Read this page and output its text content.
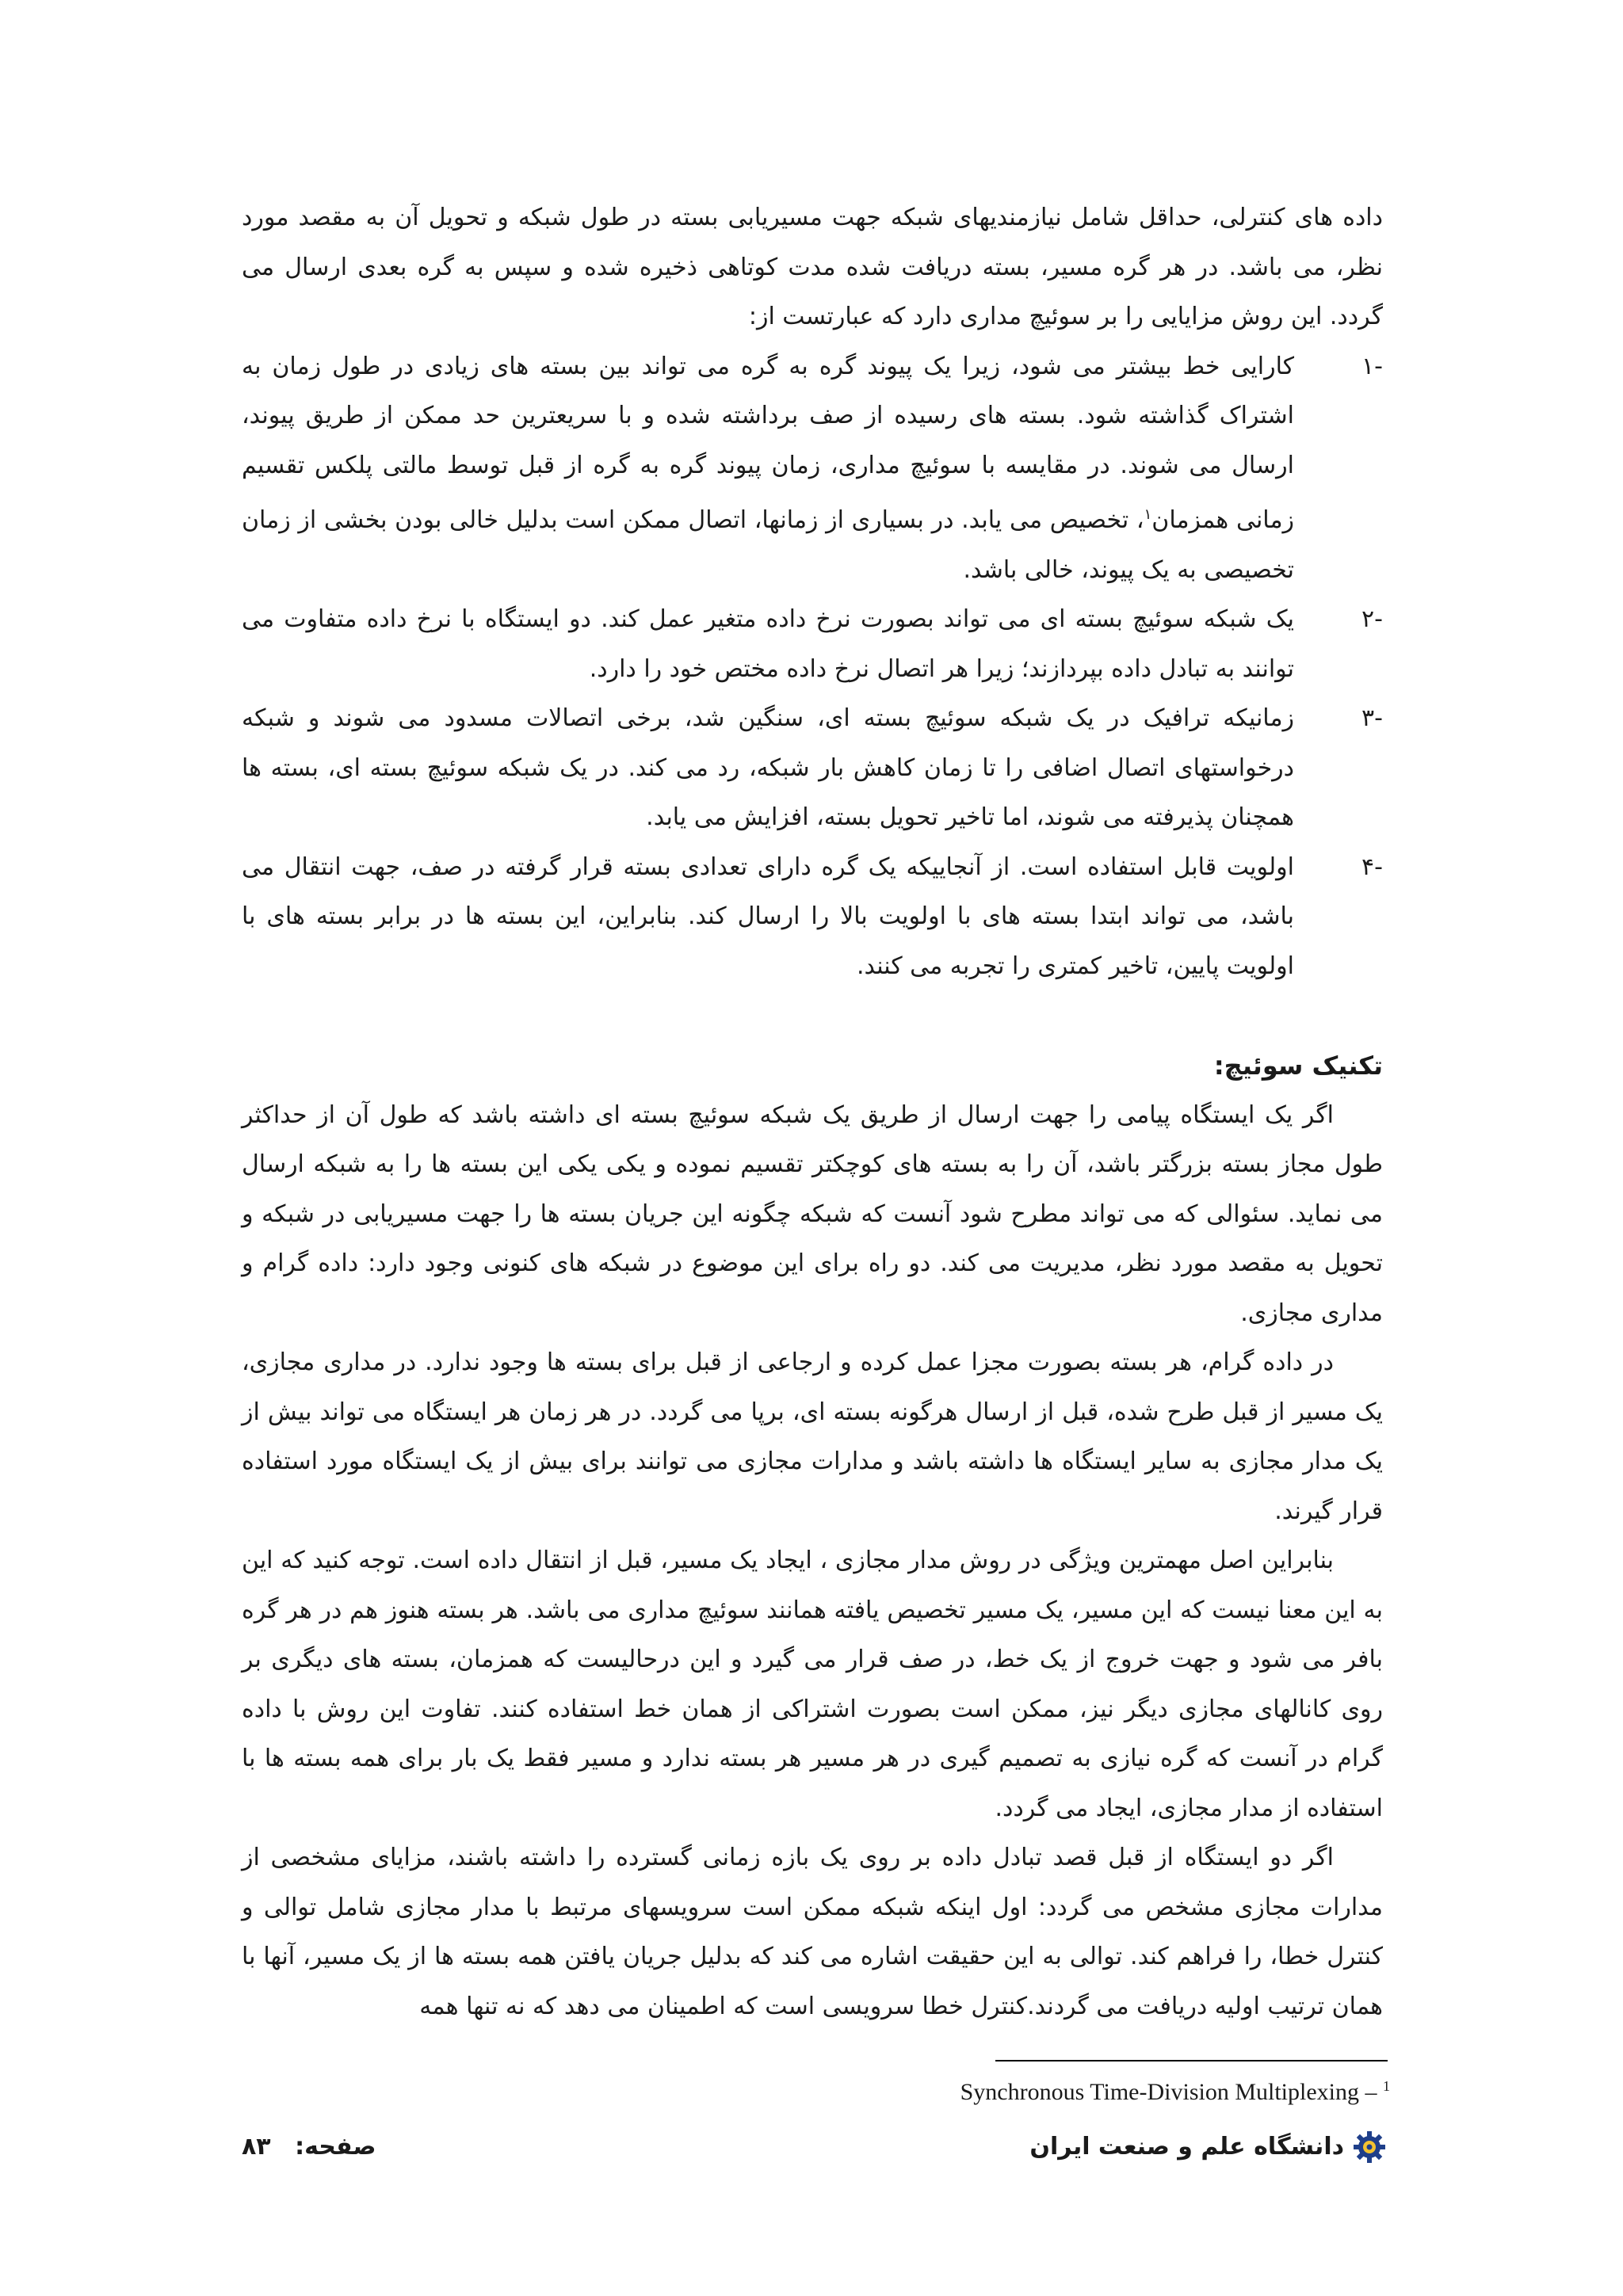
داده های کنترلی، حداقل شامل نیازمندیهای شبکه جهت مسیریابی بسته در طول شبکه و تحویل آن به مقصد مورد نظر، می باشد. در هر گره مسیر، بسته دریافت شده مدت کوتاهی ذخیره شده و سپس به گره بعدی ارسال می گردد. این روش مزایایی را بر سوئیچ مداری دارد که عبارتست از:

-۱
کارایی خط بیشتر می شود، زیرا یک پیوند گره به گره می تواند بین بسته های زیادی در طول زمان به اشتراک گذاشته شود. بسته های رسیده از صف برداشته شده و با سریعترین حد ممکن از طریق پیوند، ارسال می شوند. در مقایسه با سوئیچ مداری، زمان پیوند گره به گره از قبل توسط مالتی پلکس تقسیم زمانی همزمان$^۱$، تخصیص می یابد. در بسیاری از زمانها، اتصال ممکن است بدلیل خالی بودن بخشی از زمان تخصیصی به یک پیوند، خالی باشد.
-۲
یک شبکه سوئیچ بسته ای می تواند بصورت نرخ داده متغیر عمل کند. دو ایستگاه با نرخ داده متفاوت می توانند به تبادل داده بپردازند؛ زیرا هر اتصال نرخ داده مختص خود را دارد.
-۳
زمانیکه ترافیک در یک شبکه سوئیچ بسته ای، سنگین شد، برخی اتصالات مسدود می شوند و شبکه درخواستهای اتصال اضافی را تا زمان کاهش بار شبکه، رد می کند. در یک شبکه سوئیچ بسته ای، بسته ها همچنان پذیرفته می شوند، اما تاخیر تحویل بسته، افزایش می یابد.
-۴
اولویت قابل استفاده است. از آنجاییکه یک گره دارای تعدادی بسته قرار گرفته در صف، جهت انتقال می باشد، می تواند ابتدا بسته های با اولویت بالا را ارسال کند. بنابراین، این بسته ها در برابر بسته های با اولویت پایین، تاخیر کمتری را تجربه می کنند.
تکنیک سوئیچ:

اگر یک ایستگاه پیامی را جهت ارسال از طریق یک شبکه سوئیچ بسته ای داشته باشد که طول آن از حداکثر طول مجاز بسته بزرگتر باشد، آن را به بسته های کوچکتر تقسیم نموده و یکی یکی این بسته ها را به شبکه ارسال می نماید. سئوالی که می تواند مطرح شود آنست که شبکه چگونه این جریان بسته ها را جهت مسیریابی در شبکه و تحویل به مقصد مورد نظر، مدیریت می کند. دو راه برای این موضوع در شبکه های کنونی وجود دارد: داده گرام و مداری مجازی.

در داده گرام، هر بسته بصورت مجزا عمل کرده و ارجاعی از قبل برای بسته ها وجود ندارد. در مداری مجازی، یک مسیر از قبل طرح شده، قبل از ارسال هرگونه بسته ای، برپا می گردد. در هر زمان هر ایستگاه می تواند بیش از یک مدار مجازی به سایر ایستگاه ها داشته باشد و مدارات مجازی می توانند برای بیش از یک ایستگاه مورد استفاده قرار گیرند.

بنابراین اصل مهمترین ویژگی در روش مدار مجازی ، ایجاد یک مسیر، قبل از انتقال داده است. توجه کنید که این به این معنا نیست که این مسیر، یک مسیر تخصیص یافته همانند سوئیچ مداری می باشد. هر بسته هنوز هم در هر گره بافر می شود و جهت خروج از یک خط، در صف قرار می گیرد و این درحالیست که همزمان، بسته های دیگری بر روی کانالهای مجازی دیگر نیز، ممکن است بصورت اشتراکی از همان خط استفاده کنند. تفاوت این روش با داده گرام در آنست که گره نیازی به تصمیم گیری در هر مسیر هر بسته ندارد و مسیر فقط یک بار برای همه بسته ها با استفاده از مدار مجازی، ایجاد می گردد.

اگر دو ایستگاه از قبل قصد تبادل داده بر روی یک بازه زمانی گسترده را داشته باشند، مزایای مشخصی از مدارات مجازی مشخص می گردد: اول اینکه شبکه ممکن است سرویسهای مرتبط با مدار مجازی شامل توالی و کنترل خطا، را فراهم کند. توالی به این حقیقت اشاره می کند که بدلیل جریان یافتن همه بسته ها از یک مسیر، آنها با همان ترتیب اولیه دریافت می گردند.کنترل خطا سرویسی است که اطمینان می دهد که نه تنها همه

Synchronous Time-Division Multiplexing – $^1$
صفحه: ۸۳	دانشگاه علم و صنعت ایران
